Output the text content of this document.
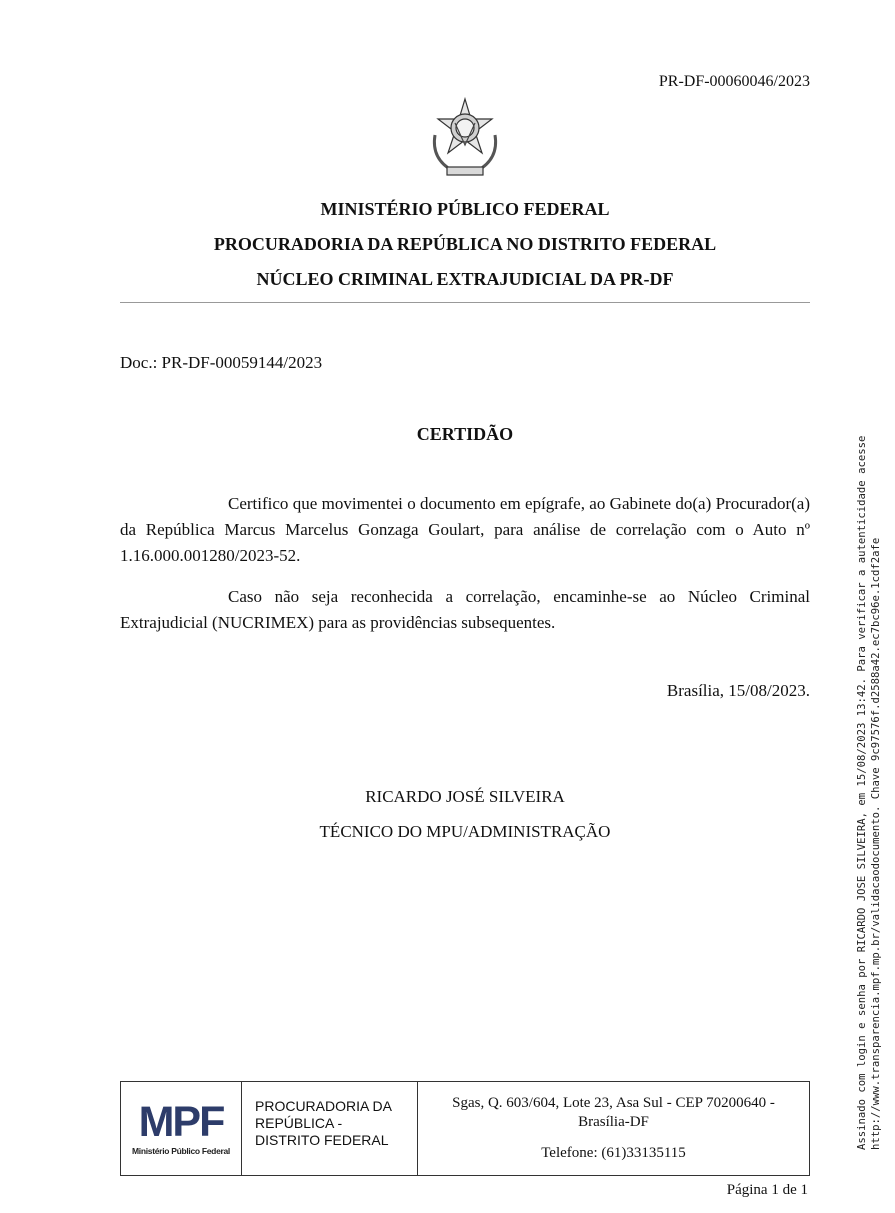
PR-DF-00060046/2023
MINISTÉRIO PÚBLICO FEDERAL
PROCURADORIA DA REPÚBLICA NO DISTRITO FEDERAL
NÚCLEO CRIMINAL EXTRAJUDICIAL DA PR-DF
Doc.: PR-DF-00059144/2023
CERTIDÃO

Certifico que movimentei o documento em epígrafe, ao Gabinete do(a) Procurador(a) da República Marcus Marcelus Gonzaga Goulart, para análise de correlação com o Auto nº 1.16.000.001280/2023-52.

Caso não seja reconhecida a correlação, encaminhe-se ao Núcleo Criminal Extrajudicial (NUCRIMEX) para as providências subsequentes.

Brasília, 15/08/2023.
RICARDO JOSÉ SILVEIRA
TÉCNICO DO MPU/ADMINISTRAÇÃO	Assinado com login e senha por RICARDO JOSE SILVEIRA, em 15/08/2023 13:42. Para verificar a autenticidade acesse http://www.transparencia.mpf.mp.br/validacaodocumento. Chave 9c97576f.d2588a42.ec7bc96e.1cdf2afe
MPF
Ministério Público Federal
PROCURADORIA DA
REPÚBLICA -
DISTRITO FEDERAL
Sgas, Q. 603/604, Lote 23, Asa Sul - CEP 70200640 -
Brasília-DF
Telefone: (61)33135115
Página 1 de 1
